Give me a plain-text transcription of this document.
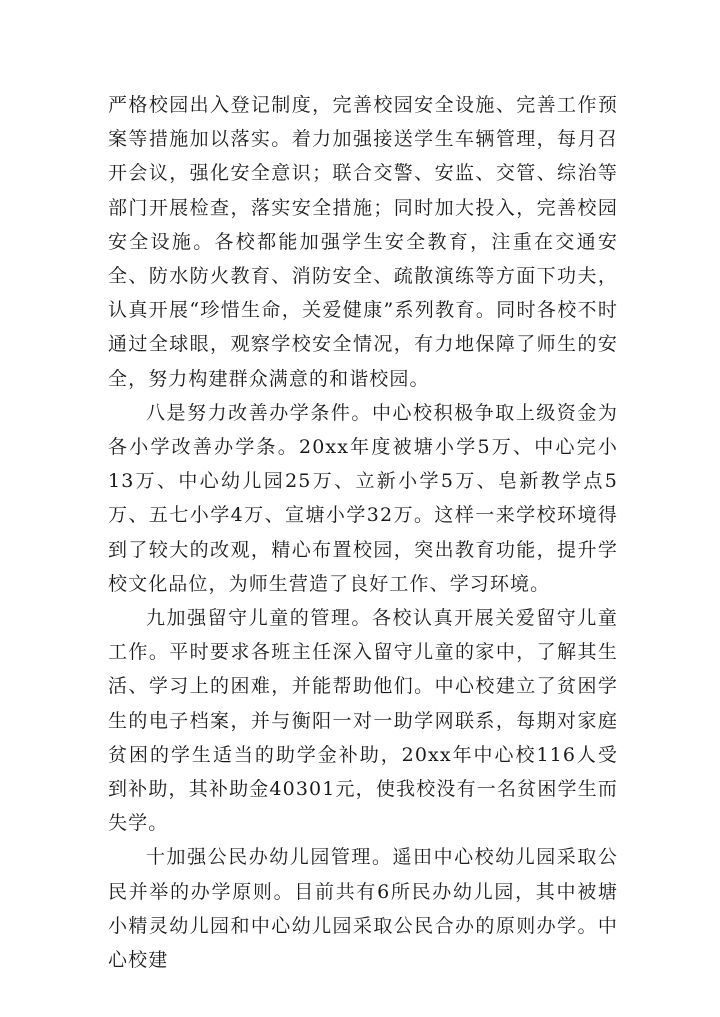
严格校园出入登记制度，完善校园安全设施、完善工作预案等措施加以落实。着力加强接送学生车辆管理，每月召开会议，强化安全意识；联合交警、安监、交管、综治等部门开展检查，落实安全措施；同时加大投入，完善校园安全设施。各校都能加强学生安全教育，注重在交通安全、防水防火教育、消防安全、疏散演练等方面下功夫，认真开展“珍惜生命，关爱健康”系列教育。同时各校不时通过全球眼，观察学校安全情况，有力地保障了师生的安全，努力构建群众满意的和谐校园。

八是努力改善办学条件。中心校积极争取上级资金为各小学改善办学条。20xx年度被塘小学5万、中心完小13万、中心幼儿园25万、立新小学5万、皂新教学点5万、五七小学4万、宣塘小学32万。这样一来学校环境得到了较大的改观，精心布置校园，突出教育功能，提升学校文化品位，为师生营造了良好工作、学习环境。

九加强留守儿童的管理。各校认真开展关爱留守儿童工作。平时要求各班主任深入留守儿童的家中，了解其生活、学习上的困难，并能帮助他们。中心校建立了贫困学生的电子档案，并与衡阳一对一助学网联系，每期对家庭贫困的学生适当的助学金补助，20xx年中心校116人受到补助，其补助金40301元，使我校没有一名贫困学生而失学。

十加强公民办幼儿园管理。遥田中心校幼儿园采取公民并举的办学原则。目前共有6所民办幼儿园，其中被塘小精灵幼儿园和中心幼儿园采取公民合办的原则办学。中心校建
